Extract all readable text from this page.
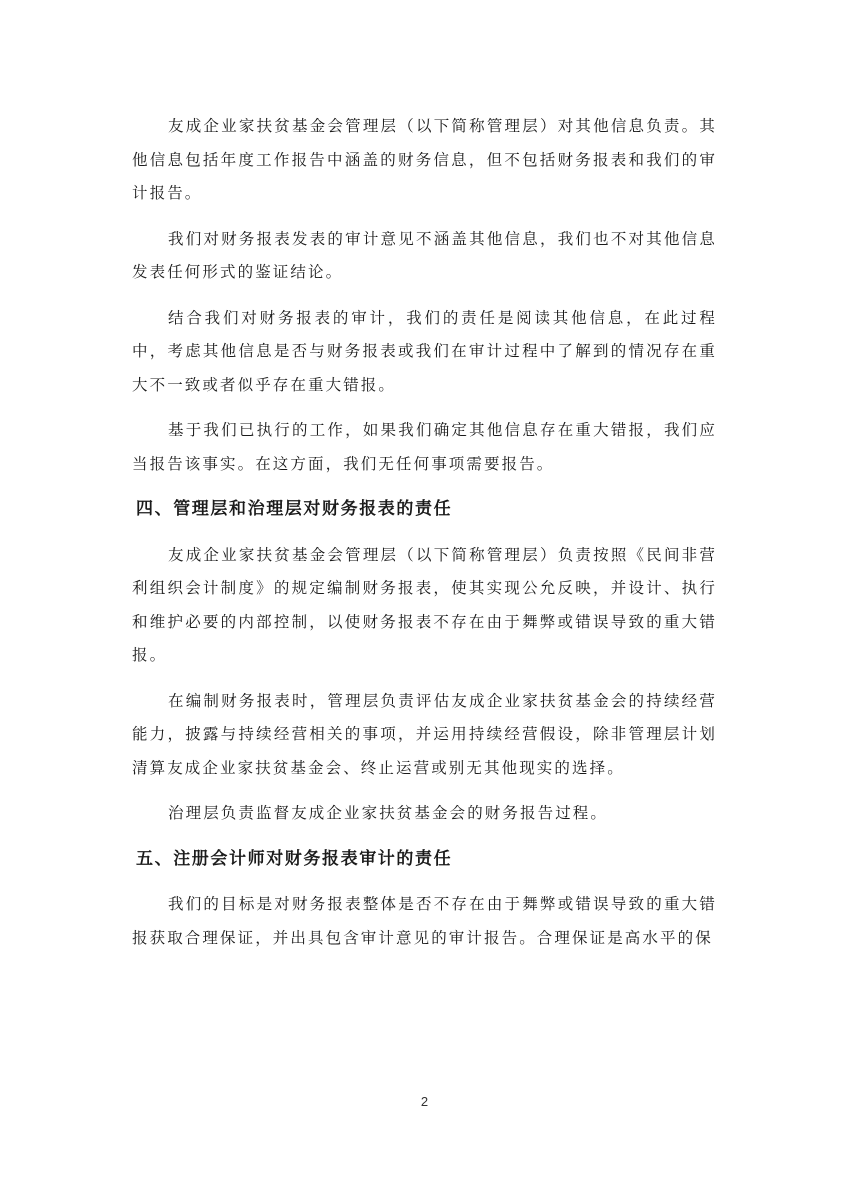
友成企业家扶贫基金会管理层（以下简称管理层）对其他信息负责。其他信息包括年度工作报告中涵盖的财务信息，但不包括财务报表和我们的审计报告。

我们对财务报表发表的审计意见不涵盖其他信息，我们也不对其他信息发表任何形式的鉴证结论。

结合我们对财务报表的审计，我们的责任是阅读其他信息，在此过程中，考虑其他信息是否与财务报表或我们在审计过程中了解到的情况存在重大不一致或者似乎存在重大错报。

基于我们已执行的工作，如果我们确定其他信息存在重大错报，我们应当报告该事实。在这方面，我们无任何事项需要报告。

四、管理层和治理层对财务报表的责任

友成企业家扶贫基金会管理层（以下简称管理层）负责按照《民间非营利组织会计制度》的规定编制财务报表，使其实现公允反映，并设计、执行和维护必要的内部控制，以使财务报表不存在由于舞弊或错误导致的重大错报。

在编制财务报表时，管理层负责评估友成企业家扶贫基金会的持续经营能力，披露与持续经营相关的事项，并运用持续经营假设，除非管理层计划清算友成企业家扶贫基金会、终止运营或别无其他现实的选择。

治理层负责监督友成企业家扶贫基金会的财务报告过程。

五、注册会计师对财务报表审计的责任

我们的目标是对财务报表整体是否不存在由于舞弊或错误导致的重大错报获取合理保证，并出具包含审计意见的审计报告。合理保证是高水平的保

2
